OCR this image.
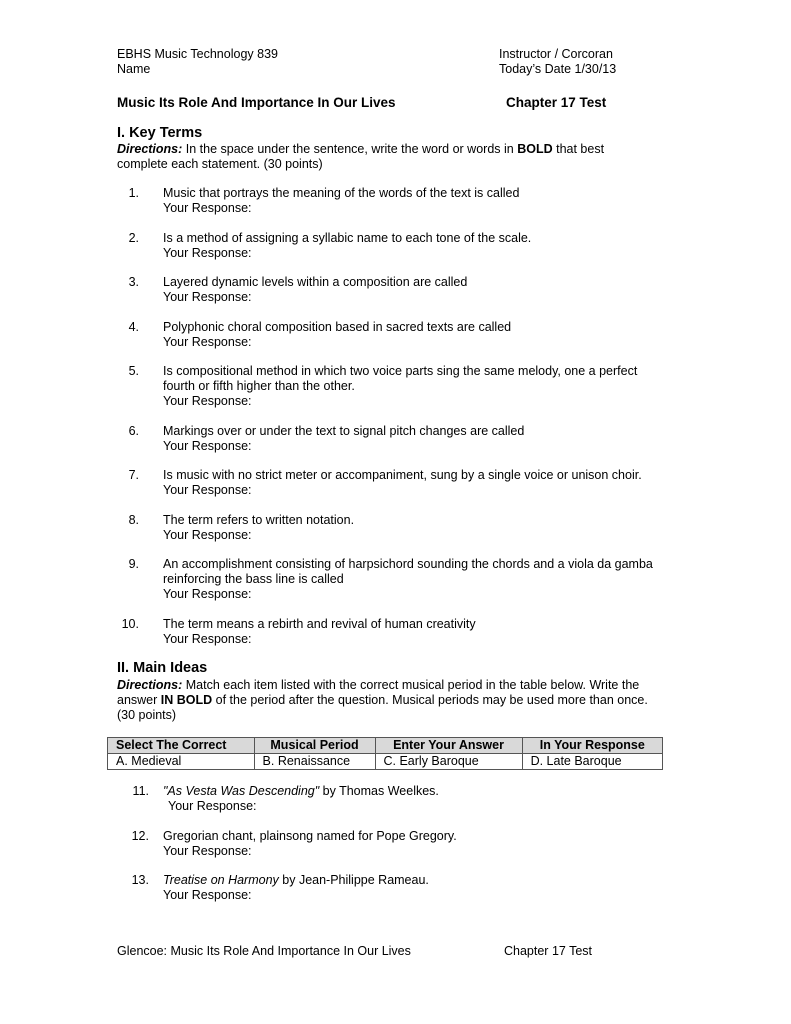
EBHS Music Technology 839	Instructor / Corcoran
Name	Today’s Date 1/30/13
Music Its Role And Importance In Our Lives	Chapter 17 Test
I. Key Terms
Directions: In the space under the sentence, write the word or words in BOLD that best complete each statement. (30 points)
1. Music that portrays the meaning of the words of the text is called
Your Response:
2. Is a method of assigning a syllabic name to each tone of the scale.
Your Response:
3. Layered dynamic levels within a composition are called
Your Response:
4. Polyphonic choral composition based in sacred texts are called
Your Response:
5. Is compositional method in which two voice parts sing the same melody, one a perfect
fourth or fifth higher than the other.
Your Response:
6. Markings over or under the text to signal pitch changes are called
Your Response:
7. Is music with no strict meter or accompaniment, sung by a single voice or unison choir.
Your Response:
8. The term refers to written notation.
Your Response:
9. An accomplishment consisting of harpsichord sounding the chords and a viola da gamba
reinforcing the bass line is called
Your Response:
10. The term means a rebirth and revival of human creativity
Your Response:
II. Main Ideas
Directions: Match each item listed with the correct musical period in the table below. Write the answer IN BOLD of the period after the question. Musical periods may be used more than once. (30 points)
Select The Correct	Musical Period	Enter Your Answer	In Your Response
A. Medieval	B. Renaissance	C. Early Baroque	D. Late Baroque
11. "As Vesta Was Descending" by Thomas Weelkes.
Your Response:
12. Gregorian chant, plainsong named for Pope Gregory.
Your Response:
13. Treatise on Harmony by Jean-Philippe Rameau.
Your Response:
Glencoe: Music Its Role And Importance In Our Lives	Chapter 17 Test
